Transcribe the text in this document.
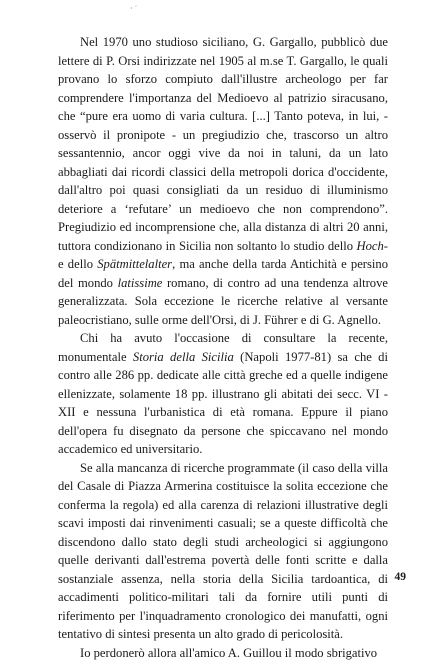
· ˙

Nel 1970 uno studioso siciliano, G. Gargallo, pubblicò due lettere di P. Orsi indirizzate nel 1905 al m.se T. Gargallo, le quali provano lo sforzo compiuto dall'illustre archeologo per far comprendere l'importanza del Medioevo al patrizio siracusano, che “pure era uomo di varia cultura. [...] Tanto poteva, in lui, - osservò il pronipote - un pregiudizio che, trascorso un altro sessantennio, ancor oggi vive da noi in taluni, da un lato abbagliati dai ricordi classici della metropoli dorica d'occidente, dall'altro poi quasi consigliati da un residuo di illuminismo deteriore a ‘refutare’ un medioevo che non comprendono”. Pregiudizio ed incomprensione che, alla distanza di altri 20 anni, tuttora condizionano in Sicilia non soltanto lo studio dello Hoch- e dello Spätmittelalter, ma anche della tarda Antichità e persino del mondo latissime romano, di contro ad una tendenza altrove generalizzata. Sola eccezione le ricerche relative al versante paleocristiano, sulle orme dell'Orsi, di J. Führer e di G. Agnello.

Chi ha avuto l'occasione di consultare la recente, monumentale Storia della Sicilia (Napoli 1977-81) sa che di contro alle 286 pp. dedicate alle città greche ed a quelle indigene ellenizzate, solamente 18 pp. illustrano gli abitati dei secc. VI - XII e nessuna l'urbanistica di età romana. Eppure il piano dell'opera fu disegnato da persone che spiccavano nel mondo accademico ed universitario.

Se alla mancanza di ricerche programmate (il caso della villa del Casale di Piazza Armerina costituisce la solita eccezione che conferma la regola) ed alla carenza di relazioni illustrative degli scavi imposti dai rinvenimenti casuali; se a queste difficoltà che discendono dallo stato degli studi archeologici si aggiungono quelle derivanti dall'estrema povertà delle fonti scritte e dalla sostanziale assenza, nella storia della Sicilia tardoantica, di accadimenti politico-militari tali da fornire utili punti di riferimento per l'inquadramento cronologico dei manufatti, ogni tentativo di sintesi presenta un alto grado di pericolosità.

Io perdonerò allora all'amico A. Guillou il modo sbrigativo

49
